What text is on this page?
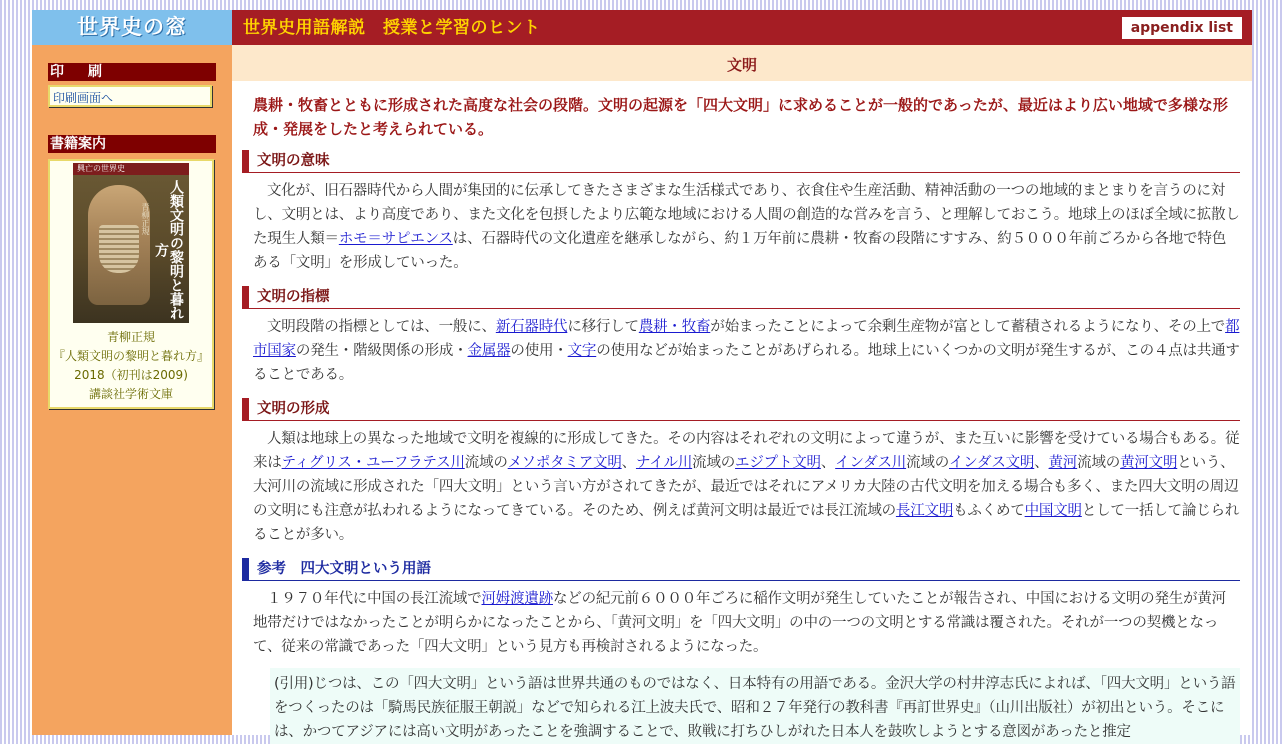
世界史の窓	世界史用語解説　授業と学習のヒント	appendix list
印　刷
印刷画面へ
書籍案内
興亡の世界史
人類文明の黎明と暮れ方
青柳正規
青柳正規
『人類文明の黎明と暮れ方』
2018（初刊は2009)
講談社学術文庫
文明
農耕・牧畜とともに形成された高度な社会の段階。文明の起源を「四大文明」に求めることが一般的であったが、最近はより広い地域で多様な形成・発展をしたと考えられている。
文明の意味

文化が、旧石器時代から人間が集団的に伝承してきたさまざまな生活様式であり、衣食住や生産活動、精神活動の一つの地域的まとまりを言うのに対し、文明とは、より高度であり、また文化を包摂したより広範な地域における人間の創造的な営みを言う、と理解しておこう。地球上のほぼ全域に拡散した現生人類＝ホモ＝サピエンスは、石器時代の文化遺産を継承しながら、約１万年前に農耕・牧畜の段階にすすみ、約５０００年前ごろから各地で特色ある「文明」を形成していった。

文明の指標

文明段階の指標としては、一般に、新石器時代に移行して農耕・牧畜が始まったことによって余剰生産物が富として蓄積されるようになり、その上で都市国家の発生・階級関係の形成・金属器の使用・文字の使用などが始まったことがあげられる。地球上にいくつかの文明が発生するが、この４点は共通することである。

文明の形成

人類は地球上の異なった地域で文明を複線的に形成してきた。その内容はそれぞれの文明によって違うが、また互いに影響を受けている場合もある。従来はティグリス・ユーフラテス川流域のメソポタミア文明、ナイル川流域のエジプト文明、インダス川流域のインダス文明、黄河流域の黄河文明という、大河川の流域に形成された「四大文明」という言い方がされてきたが、最近ではそれにアメリカ大陸の古代文明を加える場合も多く、また四大文明の周辺の文明にも注意が払われるようになってきている。そのため、例えば黄河文明は最近では長江流域の長江文明もふくめて中国文明として一括して論じられることが多い。

参考　四大文明という用語

１９７０年代に中国の長江流域で河姆渡遺跡などの紀元前６０００年ごろに稲作文明が発生していたことが報告され、中国における文明の発生が黄河地帯だけではなかったことが明らかになったことから、「黄河文明」を「四大文明」の中の一つの文明とする常識は覆された。それが一つの契機となって、従来の常識であった「四大文明」という見方も再検討されるようになった。

(引用)じつは、この「四大文明」という語は世界共通のものではなく、日本特有の用語である。金沢大学の村井淳志氏によれば、「四大文明」という語をつくったのは「騎馬民族征服王朝説」などで知られる江上波夫氏で、昭和２７年発行の教科書『再訂世界史』（山川出版社）が初出という。そこには、かつてアジアには高い文明があったことを強調することで、敗戦に打ちひしがれた日本人を鼓吹しようとする意図があったと推定
